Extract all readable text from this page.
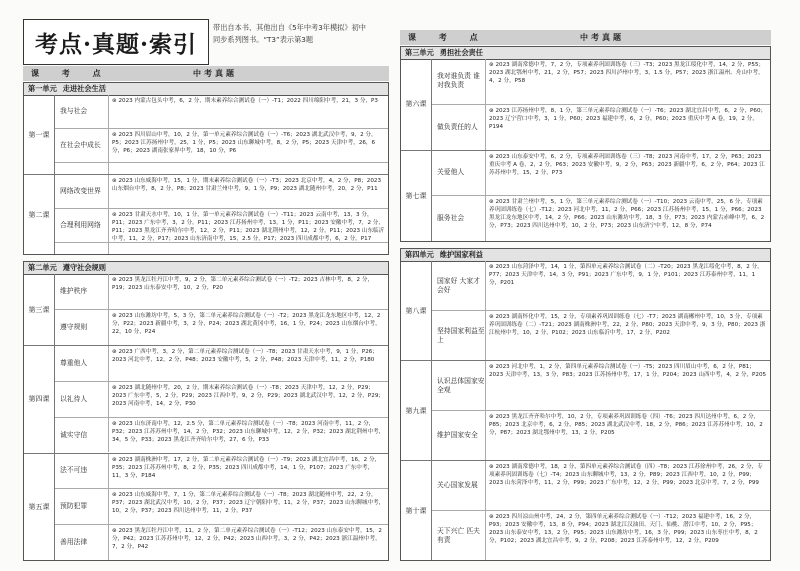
考点·真题·索引
带出自本书、其他出自《5年中考3年模拟》初中同步系列图书。“T3”表示第3题
课 考 点	中考真题
课 考 点	中考真题
第一单元 走进社会生活
第一课
我与社会
⊛ 2023 内蒙古包头中考，6，2 分，期末素养综合测试卷（一）-T1；2022 四川绵阳中考，21，3 分，P3
在社会中成长
⊛ 2023 四川眉山中考，10，2 分，第一单元素养综合测试卷（一）-T6；2023 湖北武汉中考，9，2 分，P5；2023 江苏扬州中考，25，1 分，P5；2023 山东聊城中考，8，2 分，P5；2023 天津中考，26，6 分，P6；2023 湖南张家界中考，18，10 分，P6
第二课
网络改变世界
⊛ 2023 山东威海中考，15，1 分，期末素养综合测试卷（一）-T3；2023 北京中考，4，2 分，P8；2023 山东烟台中考，8，2 分，P8；2023 甘肃兰州中考，9，1 分，P9；2023 湖北随州中考，20，2 分，P11
合理利用网络
⊛ 2023 甘肃天水中考，10，1 分，第一单元素养综合测试卷（一）-T11；2023 云南中考，13，3 分，P11；2023 广东中考，3，2 分，P11；2023 江苏扬州中考，13，1 分，P11；2023 安徽中考，7，2 分，P11；2023 黑龙江齐齐哈尔中考，12，2 分，P11；2023 湖北荆州中考，12，2 分，P11；2023 山东临沂中考，11，2 分，P17；2023 山东济南中考，15，2.5 分，P17；2023 四川成都中考，6，2 分，P17
第二单元 遵守社会规则
第三课
维护秩序
⊛ 2023 黑龙江牡丹江中考，9，2 分，第二单元素养综合测试卷（一）-T2；2023 吉林中考，8，2 分，P19；2023 山东泰安中考，10，2 分，P20
遵守规则
⊛ 2023 山东潍坊中考，5，3 分，第二单元素养综合测试卷（一）-T2；2023 黑龙江龙东地区中考，12，2 分，P22；2023 新疆中考，3，2 分，P24；2023 湖北黄冈中考，16，1 分，P24；2023 山东烟台中考，22，10 分，P24
第四课
尊重他人
⊛ 2023 广西中考，3，2 分，第二单元素养综合测试卷（一）-T8；2023 甘肃天水中考，9，1 分，P26；2023 河北中考，12，2 分，P48；2023 安徽中考，5，2 分，P48；2023 天津中考，11，2 分，P180
以礼待人
⊛ 2023 湖北随州中考，20，2 分，期末素养综合测试卷（一）-T8；2023 天津中考，12，2 分，P29；2023 广东中考，5，2 分，P29；2023 江西中考，9，2 分，P29；2023 湖北武汉中考，12，2 分，P29；2023 河南中考，14，2 分，P30
诚实守信
⊛ 2023 山东济南中考，12，2.5 分，第二单元素养综合测试卷（一）-T8；2023 河南中考，11，2 分，P32；2023 江苏苏州中考，14，2 分，P32；2023 山东聊城中考，12，2 分，P32；2023 湖北荆州中考，34，5 分，P33；2023 黑龙江齐齐哈尔中考，27，6 分，P33
第五课
法不可违
⊛ 2023 湖南株洲中考，17，2 分，第二单元素养综合测试卷（一）-T9；2023 湖北宜昌中考，16，2 分，P35；2023 江苏苏州中考，8，2 分，P35；2023 四川成都中考，14，1 分，P107；2023 广东中考，11，3 分，P184
预防犯罪
⊛ 2023 山东威海中考，7，1 分，第二单元素养综合测试卷（一）-T8；2023 湖北随州中考，22，2 分，P37；2023 湖北武汉中考，10，2 分，P37；2023 辽宁朝阳中考，11，2 分，P37；2023 山东聊城中考，10，2 分，P37；2023 四川达州中考，11，2 分，P37
善用法律
⊛ 2023 黑龙江牡丹江中考，11，2 分，第二单元素养综合测试卷（一）-T12；2023 山东泰安中考，15，2 分，P42；2023 江苏苏州中考，12，2 分，P42；2023 山西中考，3，2 分，P42；2023 浙江温州中考，7，2 分，P42
第三单元 勇担社会责任
第六课
我对谁负责 谁对我负责
⊛ 2023 湖南常德中考，7，2 分，专项素养巩固训练卷（三）-T3；2023 黑龙江绥化中考，14，2 分，P55；2023 湖北鄂州中考，21，2 分，P57；2023 四川泸州中考，3，1.5 分，P57；2023 浙江温州、舟山中考，4，2 分，P58
做负责任的人
⊛ 2023 江苏扬州中考，8，1 分，第三单元素养综合测试卷（一）-T6；2023 湖北宜昌中考，6，2 分，P60；2023 辽宁营口中考，3，1 分，P60；2023 福建中考，6，2 分，P60；2023 重庆中考 A 卷，19，2 分，P194
第七课
关爱他人
⊛ 2023 山东泰安中考，6，2 分，专项素养巩固训练卷（三）-T8；2023 河南中考，17，2 分，P63；2023 重庆中考 A 卷，2，2 分，P63；2023 安徽中考，9，2 分，P63；2023 新疆中考，6，2 分，P64；2023 江苏苏州中考，15，2 分，P73
服务社会
⊛ 2023 甘肃兰州中考，5，1 分，第三单元素养综合测试卷（一）-T10；2023 云南中考，25，6 分，专项素养巩固训练卷（七）-T12；2023 河北中考，11，2 分，P66；2023 江苏扬州中考，15，1 分，P66；2023 黑龙江龙东地区中考，14，2 分，P66；2023 山东潍坊中考，18，3 分，P73；2023 内蒙古赤峰中考，6，2 分，P73；2023 四川达州中考，10，2 分，P73；2023 山东济宁中考，12，8 分，P74
第四单元 维护国家利益
第八课
国家好 大家才会好
⊛ 2023 山东菏泽中考，14，1 分，第四单元素养综合测试卷（二）-T20；2023 黑龙江绥化中考，8，2 分，P77；2023 天津中考，14，3 分，P91；2023 广东中考，9，1 分，P101；2023 江苏泰州中考，11，1 分，P201
坚持国家利益至上
⊛ 2023 湖南怀化中考，15，2 分，专项素养巩固训练卷（七）-T7；2023 湖南郴州中考，10，3 分，专项素养巩固训练卷（二）-T21；2023 湖南株洲中考，22，2 分，P80；2023 天津中考，9，3 分，P80；2023 浙江杭州中考，10，2 分，P102；2023 山东临沂中考，17，2 分，P202
第九课
认识总体国家安全观
⊛ 2023 河北中考，1，2 分，第四单元素养综合测试卷（一）-T5；2023 四川眉山中考，6，2 分，P81；2023 天津中考，13，3 分，P83；2023 江苏扬州中考，17，1 分，P204；2023 山西中考，4，2 分，P205
维护国家安全
⊛ 2023 黑龙江齐齐哈尔中考，10，2 分，专项素养巩固训练卷（四）-T6；2023 四川达州中考，6，2 分，P85；2023 北京中考，6，2 分，P85；2023 湖北武汉中考，18，2 分，P86；2023 江苏苏州中考，10，2 分，P87；2023 湖北鄂州中考，13，2 分，P205
第十课
关心国家发展
⊛ 2023 湖南常德中考，18，2 分，第四单元素养综合测试卷（四）-T8；2023 江苏徐州中考，26，2 分，专项素养巩固训练卷（七）-T4；2023 山东聊城中考，13，2 分，P89；2023 江西中考，10，2 分，P99；2023 山东菏泽中考，11，2 分，P99；2023 广东中考，12，2 分，P99；2023 北京中考，7，2 分，P99
天下兴亡 匹夫有责
⊛ 2023 四川凉山州中考，24，2 分，第四单元素养综合测试卷（一）-T12；2023 福建中考，16，2 分，P93；2023 安徽中考，13，8 分，P94；2023 湖北江汉油田、天门、仙桃、潜江中考，10，2 分，P95；2023 山东泰安中考，13，2 分，P95；2023 山东潍坊中考，16，3 分，P99；2023 山东枣庄中考，8，2 分，P102；2023 湖北宜昌中考，9，2 分，P208；2023 江苏泰州中考，12，2 分，P209
